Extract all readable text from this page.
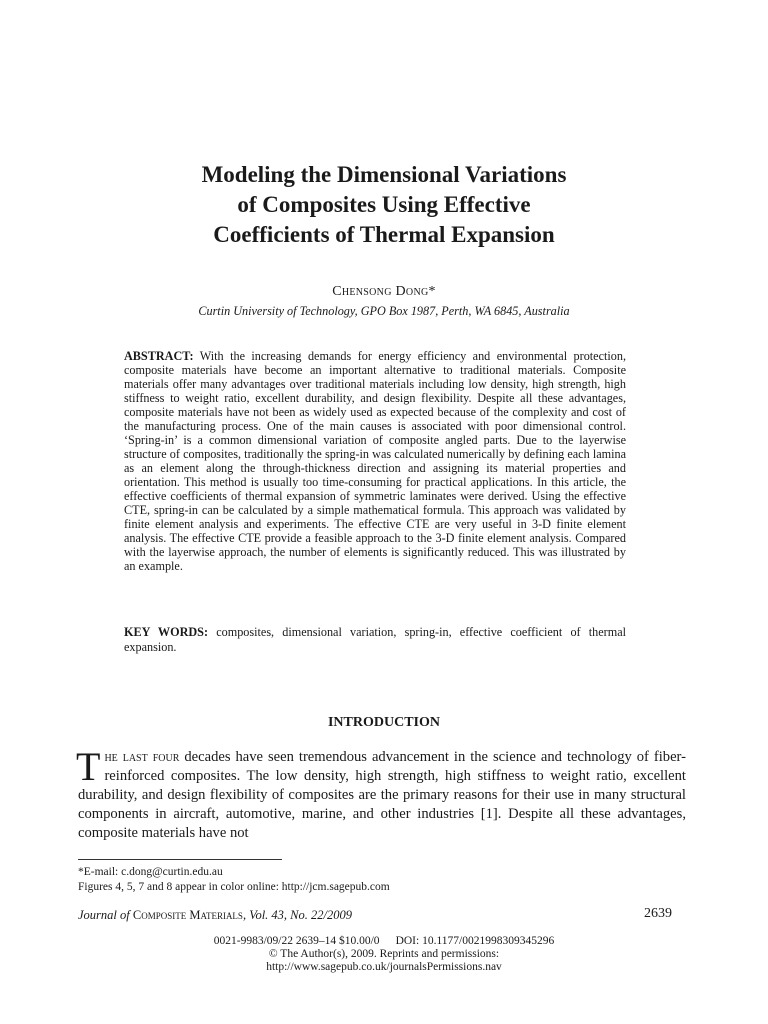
Modeling the Dimensional Variations
of Composites Using Effective
Coefficients of Thermal Expansion
Chensong Dong*
Curtin University of Technology, GPO Box 1987, Perth, WA 6845, Australia
ABSTRACT: With the increasing demands for energy efficiency and environmental protection, composite materials have become an important alternative to traditional materials. Composite materials offer many advantages over traditional materials including low density, high strength, high stiffness to weight ratio, excellent durability, and design flexibility. Despite all these advantages, composite materials have not been as widely used as expected because of the complexity and cost of the manufacturing process. One of the main causes is associated with poor dimensional control. ‘Spring-in’ is a common dimensional variation of composite angled parts. Due to the layerwise structure of composites, traditionally the spring-in was calculated numerically by defining each lamina as an element along the through-thickness direction and assigning its material properties and orientation. This method is usually too time-consuming for practical applications. In this article, the effective coefficients of thermal expansion of symmetric laminates were derived. Using the effective CTE, spring-in can be calculated by a simple mathematical formula. This approach was validated by finite element analysis and experiments. The effective CTE are very useful in 3-D finite element analysis. The effective CTE provide a feasible approach to the 3-D finite element analysis. Compared with the layerwise approach, the number of elements is significantly reduced. This was illustrated by an example.
KEY WORDS: composites, dimensional variation, spring-in, effective coefficient of thermal expansion.
INTRODUCTION
The last four decades have seen tremendous advancement in the science and technology of fiber-reinforced composites. The low density, high strength, high stiffness to weight ratio, excellent durability, and design flexibility of composites are the primary reasons for their use in many structural components in aircraft, automotive, marine, and other industries [1]. Despite all these advantages, composite materials have not
*E-mail: c.dong@curtin.edu.au
Figures 4, 5, 7 and 8 appear in color online: http://jcm.sagepub.com
Journal of Composite Materials, Vol. 43, No. 22/2009	2639
0021-9983/09/22 2639–14 $10.00/0 DOI: 10.1177/0021998309345296
© The Author(s), 2009. Reprints and permissions:
http://www.sagepub.co.uk/journalsPermissions.nav
